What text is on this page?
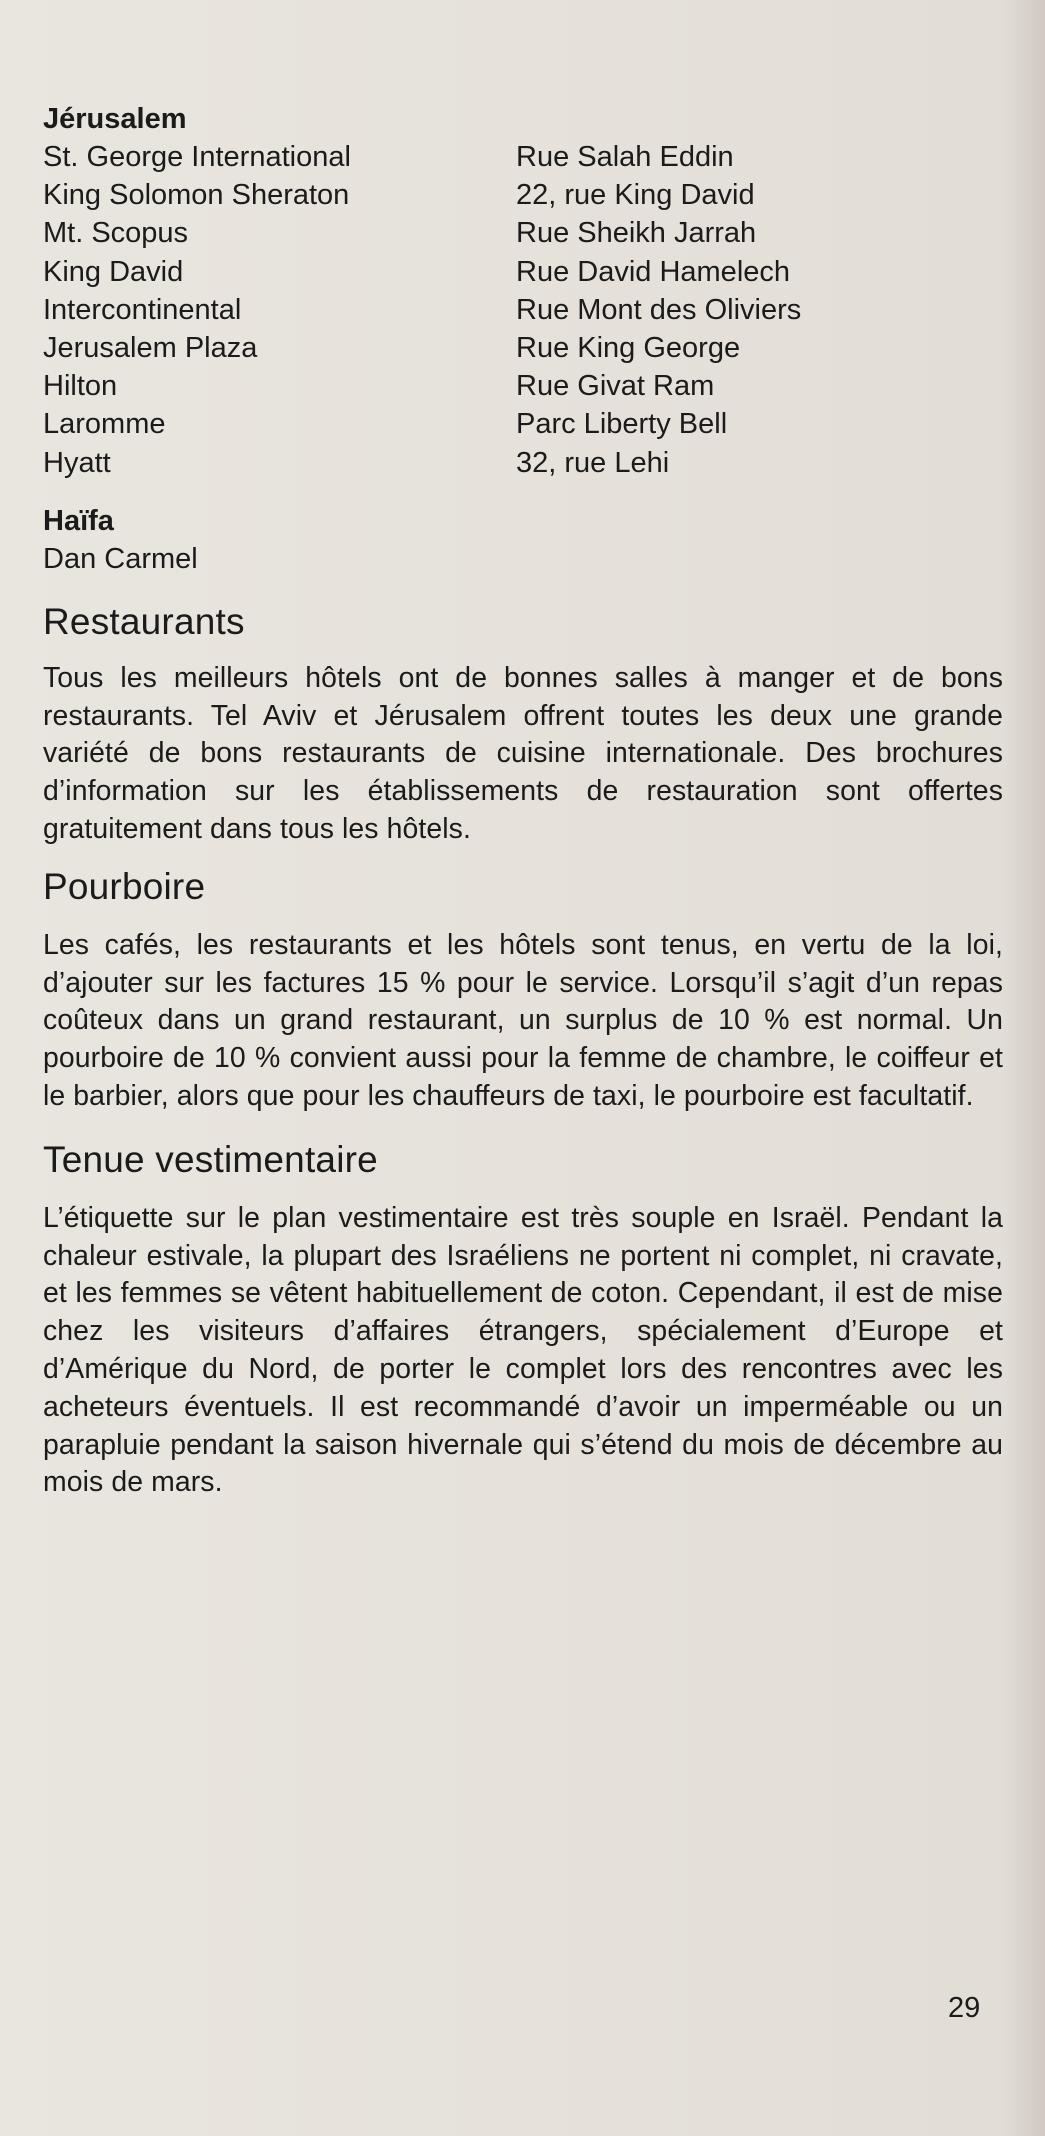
Jérusalem
St. George International	Rue Salah Eddin
King Solomon Sheraton	22, rue King David
Mt. Scopus	Rue Sheikh Jarrah
King David	Rue David Hamelech
Intercontinental	Rue Mont des Oliviers
Jerusalem Plaza	Rue King George
Hilton	Rue Givat Ram
Laromme	Parc Liberty Bell
Hyatt	32, rue Lehi
Haïfa
Dan Carmel
Restaurants

Tous les meilleurs hôtels ont de bonnes salles à manger et de bons restaurants. Tel Aviv et Jérusalem offrent toutes les deux une grande variété de bons restaurants de cuisine internationale. Des brochures d’information sur les établissements de restauration sont offertes gratuitement dans tous les hôtels.

Pourboire

Les cafés, les restaurants et les hôtels sont tenus, en vertu de la loi, d’ajouter sur les factures 15 % pour le service. Lorsqu’il s’agit d’un repas coûteux dans un grand restaurant, un surplus de 10 % est normal. Un pourboire de 10 % convient aussi pour la femme de chambre, le coiffeur et le barbier, alors que pour les chauffeurs de taxi, le pourboire est facultatif.

Tenue vestimentaire

L’étiquette sur le plan vestimentaire est très souple en Israël. Pendant la chaleur estivale, la plupart des Israéliens ne portent ni complet, ni cravate, et les femmes se vêtent habituellement de coton. Cependant, il est de mise chez les visiteurs d’affaires étrangers, spécialement d’Europe et d’Amérique du Nord, de porter le complet lors des rencontres avec les acheteurs éventuels. Il est recommandé d’avoir un imperméable ou un parapluie pendant la saison hivernale qui s’étend du mois de décembre au mois de mars.

29
